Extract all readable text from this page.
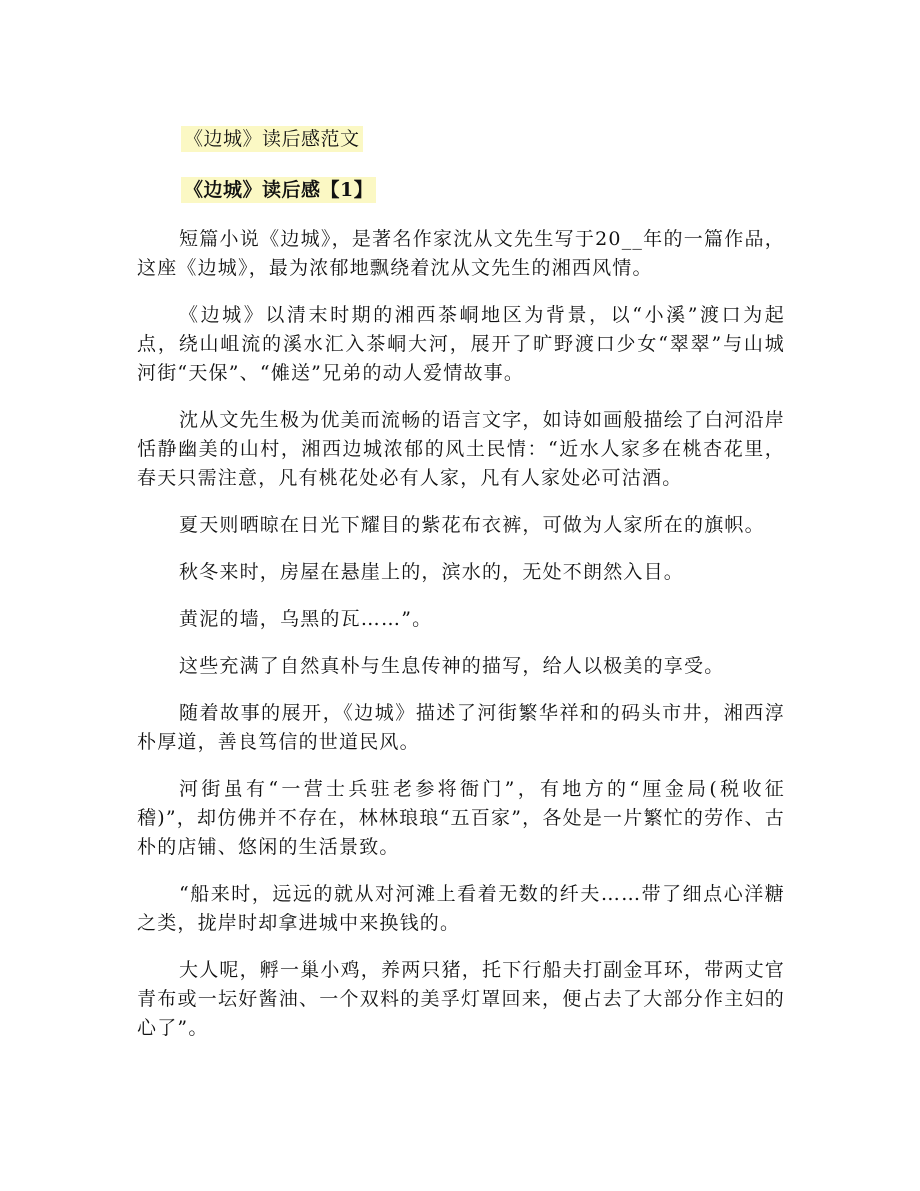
《边城》读后感范文
《边城》读后感【1】

短篇小说《边城》，是著名作家沈从文先生写于20__年的一篇作品，这座《边城》，最为浓郁地飘绕着沈从文先生的湘西风情。

《边城》以清末时期的湘西茶峒地区为背景，以“小溪”渡口为起点，绕山岨流的溪水汇入茶峒大河，展开了旷野渡口少女“翠翠”与山城河街“天保”、“傩送”兄弟的动人爱情故事。

沈从文先生极为优美而流畅的语言文字，如诗如画般描绘了白河沿岸恬静幽美的山村，湘西边城浓郁的风土民情：“近水人家多在桃杏花里，春天只需注意，凡有桃花处必有人家，凡有人家处必可沽酒。

夏天则晒晾在日光下耀目的紫花布衣裤，可做为人家所在的旗帜。

秋冬来时，房屋在悬崖上的，滨水的，无处不朗然入目。

黄泥的墙，乌黑的瓦……”。

这些充满了自然真朴与生息传神的描写，给人以极美的享受。

随着故事的展开，《边城》描述了河街繁华祥和的码头市井，湘西淳朴厚道，善良笃信的世道民风。

河街虽有“一营士兵驻老参将衙门”，有地方的“厘金局(税收征稽)”，却仿佛并不存在，林林琅琅“五百家”，各处是一片繁忙的劳作、古朴的店铺、悠闲的生活景致。

“船来时，远远的就从对河滩上看着无数的纤夫……带了细点心洋糖之类，拢岸时却拿进城中来换钱的。

大人呢，孵一巢小鸡，养两只猪，托下行船夫打副金耳环，带两丈官青布或一坛好酱油、一个双料的美孚灯罩回来，便占去了大部分作主妇的心了”。
